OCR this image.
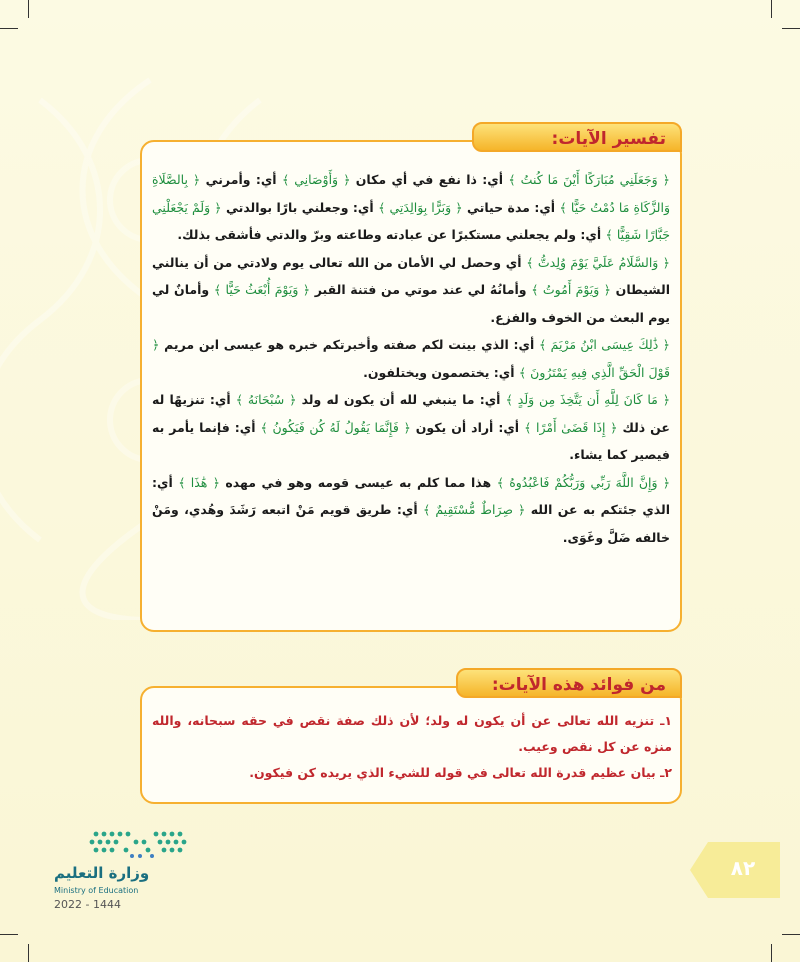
تفسير الآيات:

﴿ وَجَعَلَنِي مُبَارَكًا أَيْنَ مَا كُنتُ ﴾ أي: ذا نفع في أي مكان ﴿ وَأَوْصَانِي ﴾ أي: وأمرني ﴿ بِالصَّلَاةِ وَالزَّكَاةِ مَا دُمْتُ حَيًّا ﴾ أي: مدة حياتي ﴿ وَبَرًّا بِوَالِدَتِي ﴾ أي: وجعلني بارًا بوالدتي ﴿ وَلَمْ يَجْعَلْنِي جَبَّارًا شَقِيًّا ﴾ أي: ولم يجعلني مستكبرًا عن عبادته وطاعته وبرّ والدتي فأشقى بذلك.

﴿ وَالسَّلَامُ عَلَيَّ يَوْمَ وُلِدتُّ ﴾ أي وحصل لي الأمان من الله تعالى يوم ولادتي من أن ينالني الشيطان ﴿ وَيَوْمَ أَمُوتُ ﴾ وأمانُهُ لي عند موتي من فتنة القبر ﴿ وَيَوْمَ أُبْعَثُ حَيًّا ﴾ وأمانٌ لي يوم البعث من الخوف والفزع.

﴿ ذَٰلِكَ عِيسَى ابْنُ مَرْيَمَ ﴾ أي: الذي بينت لكم صفته وأخبرتكم خبره هو عيسى ابن مريم ﴿ قَوْلَ الْحَقِّ الَّذِي فِيهِ يَمْتَرُونَ ﴾ أي: يختصمون ويختلفون.

﴿ مَا كَانَ لِلَّهِ أَن يَتَّخِذَ مِن وَلَدٍ ﴾ أي: ما ينبغي لله أن يكون له ولد ﴿ سُبْحَانَهُ ﴾ أي: تنزيهًا له عن ذلك ﴿ إِذَا قَضَىٰ أَمْرًا ﴾ أي: أراد أن يكون ﴿ فَإِنَّمَا يَقُولُ لَهُ كُن فَيَكُونُ ﴾ أي: فإنما يأمر به فيصير كما يشاء.

﴿ وَإِنَّ اللَّهَ رَبِّي وَرَبُّكُمْ فَاعْبُدُوهُ ﴾ هذا مما كلم به عيسى قومه وهو في مهده ﴿ هَٰذَا ﴾ أي: الذي جئتكم به عن الله ﴿ صِرَاطٌ مُّسْتَقِيمٌ ﴾ أي: طريق قويم مَنْ اتبعه رَشَدَ وهُدي، ومَنْ خالفه ضَلَّ وغَوَى.

من فوائد هذه الآيات:

١ـ تنزيه الله تعالى عن أن يكون له ولد؛ لأن ذلك صفة نقص في حقه سبحانه، والله منزه عن كل نقص وعيب.

٢ـ بيان عظيم قدرة الله تعالى في قوله للشيء الذي يريده كن فيكون.

وزارة التعليم
Ministry of Education
2022 - 1444
٨٢
